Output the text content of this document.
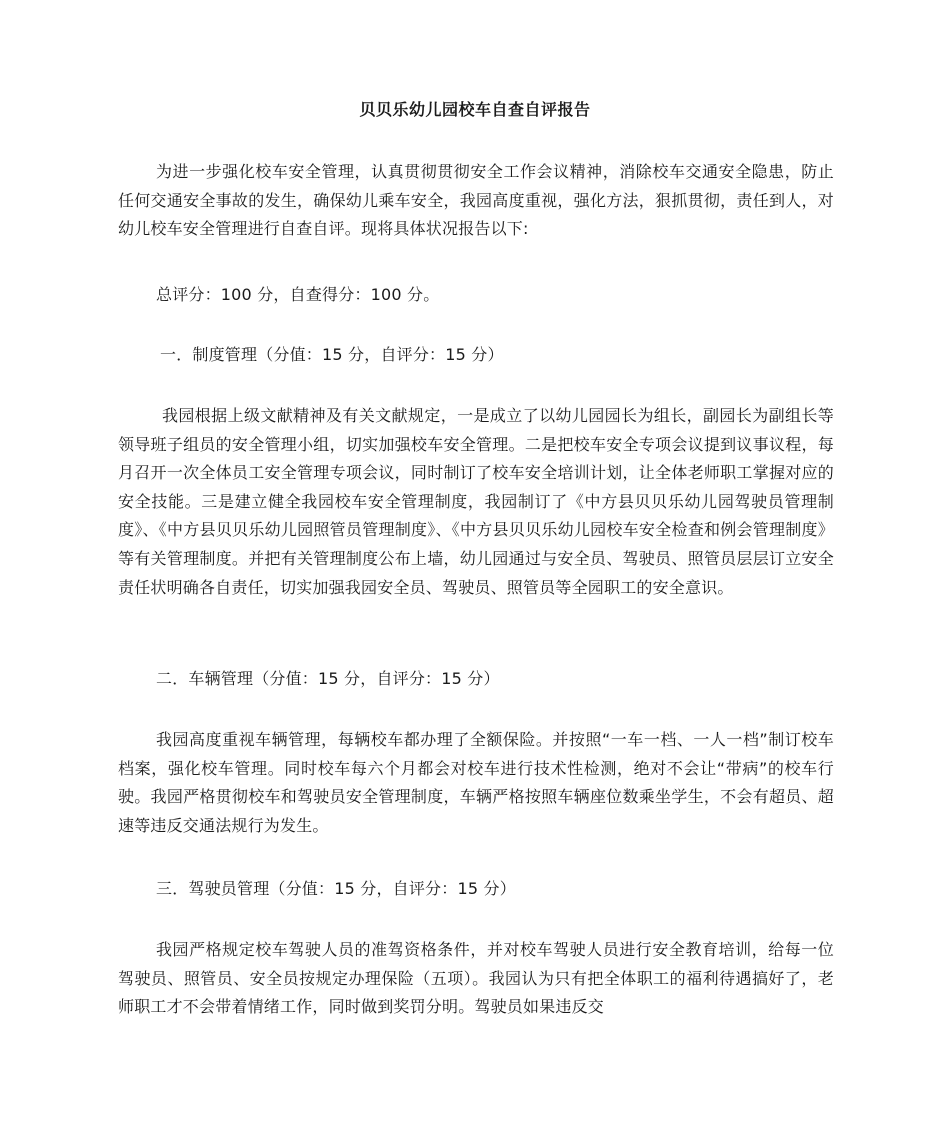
贝贝乐幼儿园校车自查自评报告

为进一步强化校车安全管理，认真贯彻贯彻安全工作会议精神，消除校车交通安全隐患，防止任何交通安全事故的发生，确保幼儿乘车安全，我园高度重视，强化方法，狠抓贯彻，责任到人，对幼儿校车安全管理进行自查自评。现将具体状况报告以下:

总评分：100 分，自查得分：100 分。

一．制度管理（分值：15 分，自评分：15 分）

我园根据上级文献精神及有关文献规定，一是成立了以幼儿园园长为组长，副园长为副组长等领导班子组员的安全管理小组，切实加强校车安全管理。二是把校车安全专项会议提到议事议程，每月召开一次全体员工安全管理专项会议，同时制订了校车安全培训计划，让全体老师职工掌握对应的安全技能。三是建立健全我园校车安全管理制度，我园制订了《中方县贝贝乐幼儿园驾驶员管理制度》、《中方县贝贝乐幼儿园照管员管理制度》、《中方县贝贝乐幼儿园校车安全检查和例会管理制度》等有关管理制度。并把有关管理制度公布上墙，幼儿园通过与安全员、驾驶员、照管员层层订立安全责任状明确各自责任，切实加强我园安全员、驾驶员、照管员等全园职工的安全意识。

二．车辆管理（分值：15 分，自评分：15 分）

我园高度重视车辆管理，每辆校车都办理了全额保险。并按照“一车一档、一人一档”制订校车档案，强化校车管理。同时校车每六个月都会对校车进行技术性检测，绝对不会让“带病”的校车行驶。我园严格贯彻校车和驾驶员安全管理制度，车辆严格按照车辆座位数乘坐学生，不会有超员、超速等违反交通法规行为发生。

三．驾驶员管理（分值：15 分，自评分：15 分）

我园严格规定校车驾驶人员的准驾资格条件，并对校车驾驶人员进行安全教育培训，给每一位驾驶员、照管员、安全员按规定办理保险（五项）。我园认为只有把全体职工的福利待遇搞好了，老师职工才不会带着情绪工作，同时做到奖罚分明。驾驶员如果违反交
